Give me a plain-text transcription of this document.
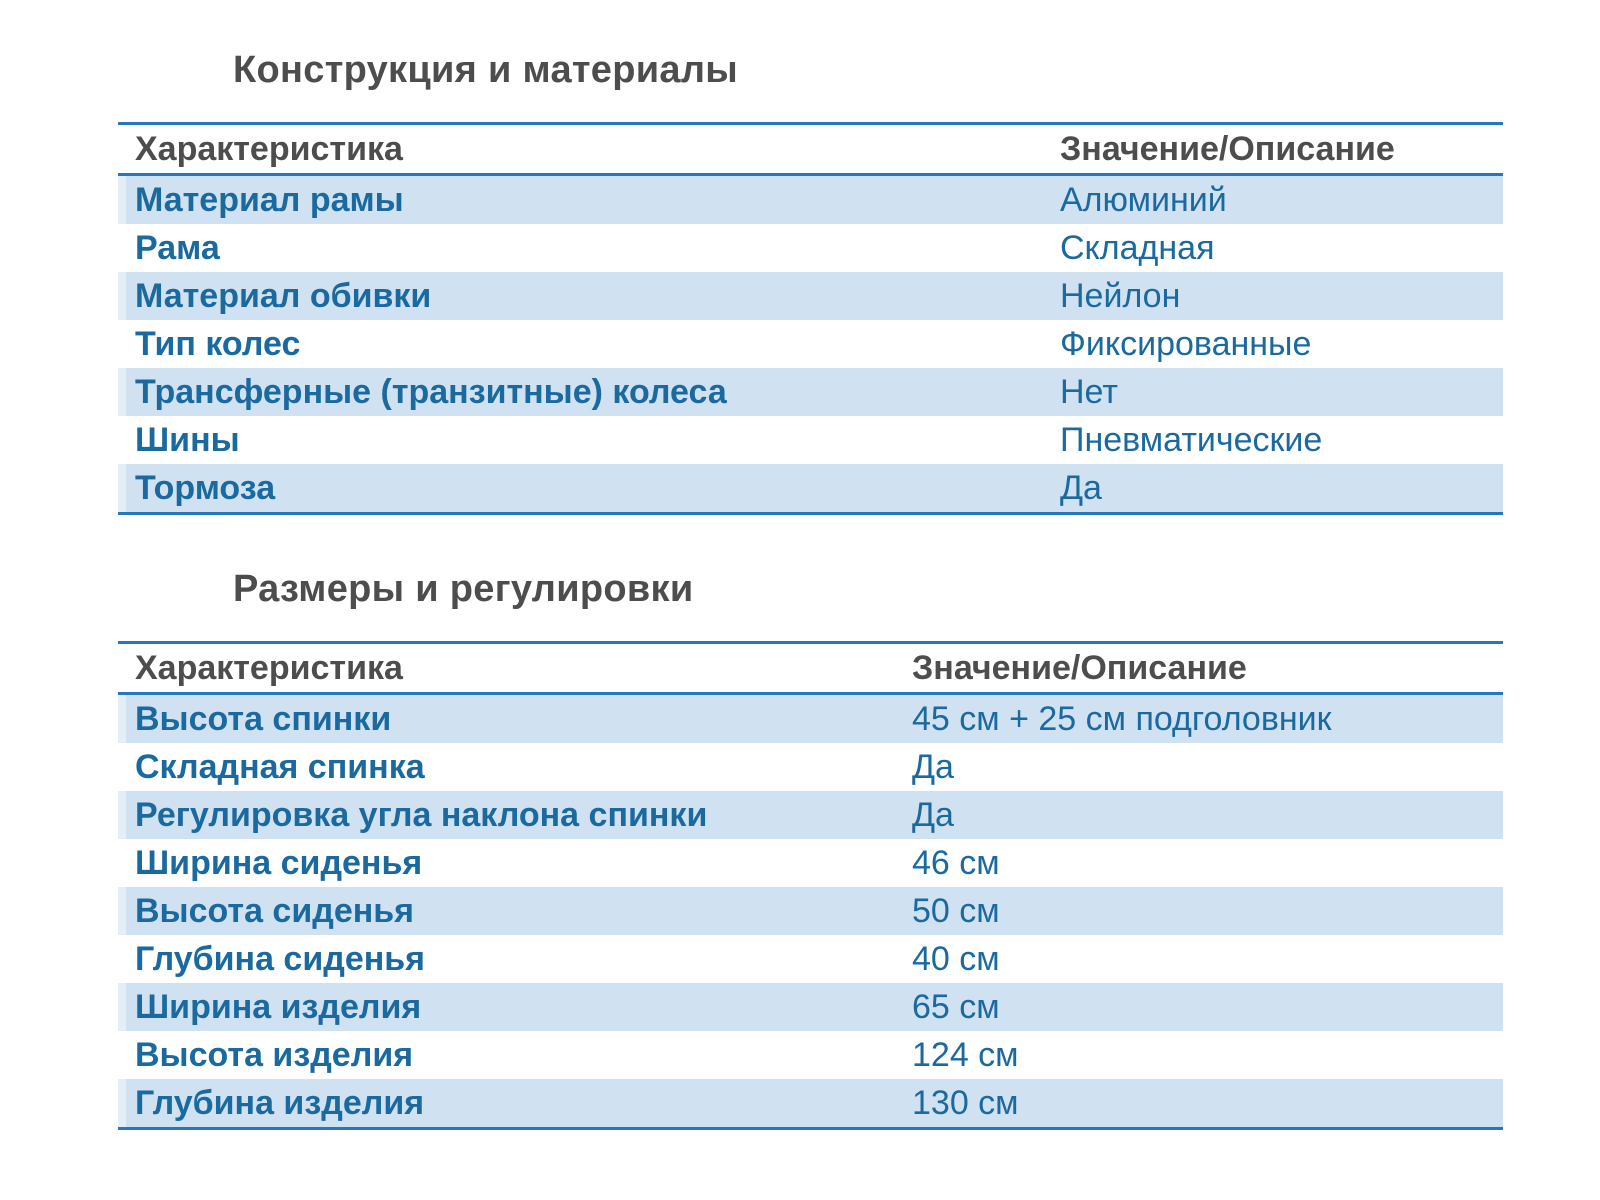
Конструкция и материалы
Характеристика	Значение/Описание
Материал рамы	Алюминий
Рама	Складная
Материал обивки	Нейлон
Тип колес	Фиксированные
Трансферные (транзитные) колеса	Нет
Шины	Пневматические
Тормоза	Да
Размеры и регулировки
Характеристика	Значение/Описание
Высота спинки	45 см + 25 см подголовник
Складная спинка	Да
Регулировка угла наклона спинки	Да
Ширина сиденья	46 см
Высота сиденья	50 см
Глубина сиденья	40 см
Ширина изделия	65 см
Высота изделия	124 см
Глубина изделия	130 см
